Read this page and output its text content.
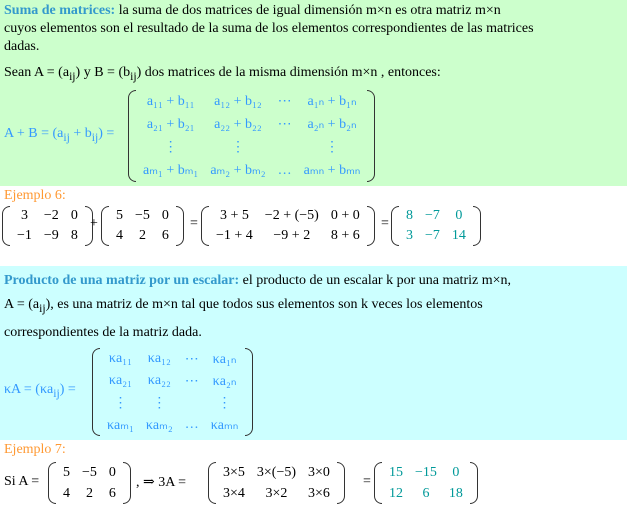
Suma de matrices: la suma de dos matrices de igual dimensión m×n es otra matriz m×n
cuyos elementos son el resultado de la suma de los elementos correspondientes de las matrices
dadas.
Sean $A = (a_{ij})$ y $B = (b_{ij})$ dos matrices de la misma dimensión m×n , entonces:
$A + B = (a_{ij} + b_{ij})$ =
a₁₁ + b₁₁	a₁₂ + b₁₂	⋯	a₁ₙ + b₁ₙ
a₂₁ + b₂₁	a₂₂ + b₂₂	⋯	a₂ₙ + b₂ₙ
⋮	⋮		⋮
aₘ₁ + bₘ₁	aₘ₂ + bₘ₂	…	aₘₙ + bₘₙ
Ejemplo 6:
3	−2	0
−1	−9	8
+
5	−5	0
4	2	6
=
3 + 5	−2 + (−5)	0 + 0
−1 + 4	−9 + 2	8 + 6
=
8	−7	0
3	−7	14
Producto de una matriz por un escalar: el producto de un escalar k por una matriz m×n,
$A = (a_{ij})$, es una matriz de m×n tal que todos sus elementos son k veces los elementos
correspondientes de la matriz dada.
$\kappa A = (\kappa a_{ij})$ =
κa₁₁	κa₁₂	⋯	κa₁ₙ
κa₂₁	κa₂₂	⋯	κa₂ₙ
⋮	⋮		⋮
κaₘ₁	κaₘ₂	…	κaₘₙ
Ejemplo 7:
Si A =
5	−5	0
4	2	6
, ⇒ 3A =
3×5	3×(−5)	3×0
3×4	3×2	3×6
=
15	−15	0
12	6	18
